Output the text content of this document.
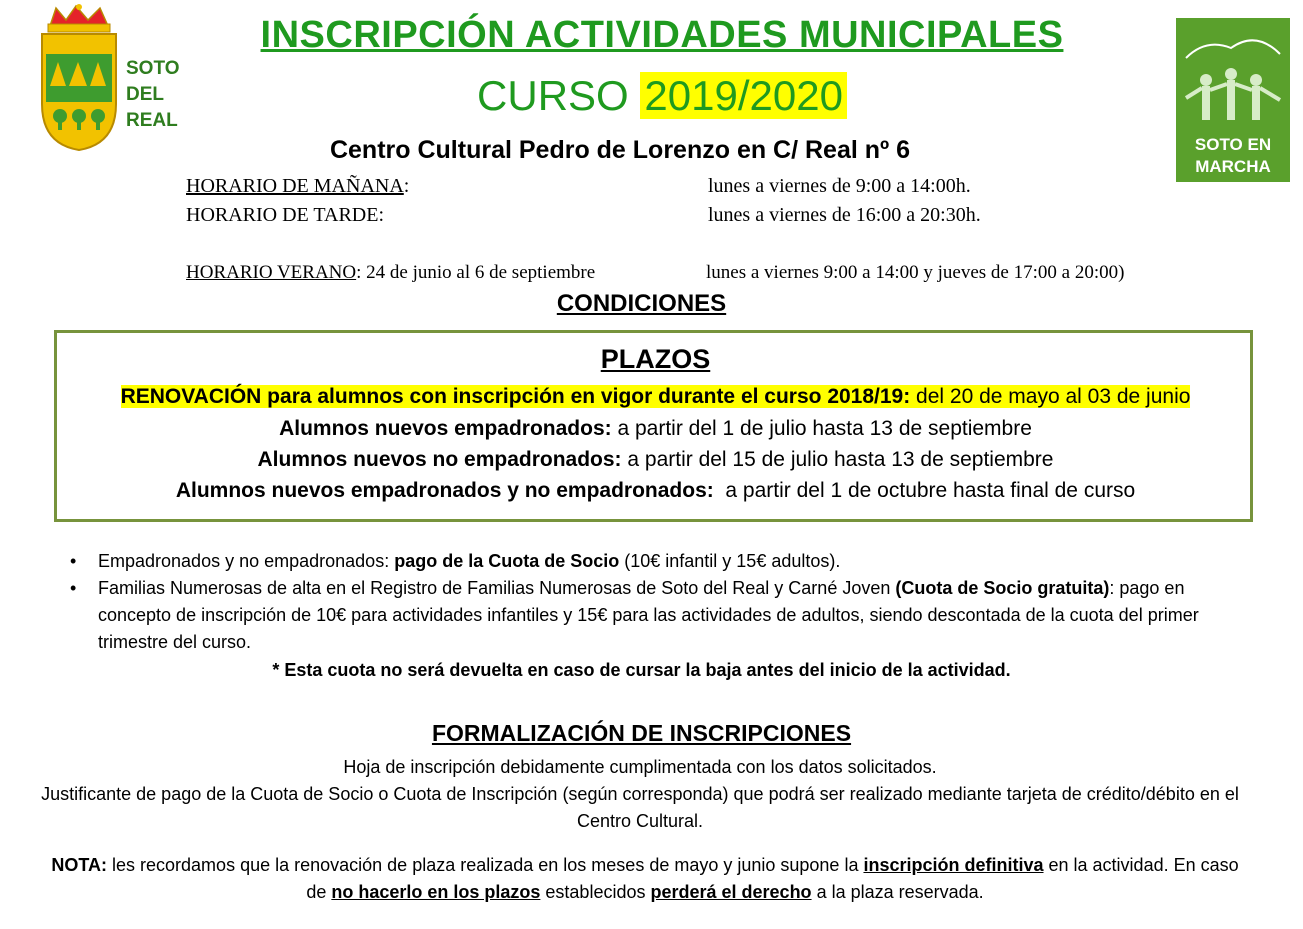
SOTO
DEL
REAL
SOTO EN
MARCHA
INSCRIPCIÓN ACTIVIDADES MUNICIPALES
CURSO 2019/2020
Centro Cultural Pedro de Lorenzo en C/ Real nº 6
HORARIO DE MAÑANA:	lunes a viernes de 9:00 a 14:00h.
HORARIO DE TARDE:	lunes a viernes de 16:00 a 20:30h.
HORARIO VERANO: 24 de junio al 6 de septiembre	lunes a viernes 9:00 a 14:00 y jueves de 17:00 a 20:00)
CONDICIONES
PLAZOS
RENOVACIÓN para alumnos con inscripción en vigor durante el curso 2018/19: del 20 de mayo al 03 de junio
Alumnos nuevos empadronados: a partir del 1 de julio hasta 13 de septiembre
Alumnos nuevos no empadronados: a partir del 15 de julio hasta 13 de septiembre
Alumnos nuevos empadronados y no empadronados:  a partir del 1 de octubre hasta final de curso
• Empadronados y no empadronados: pago de la Cuota de Socio (10€ infantil y 15€ adultos).
• Familias Numerosas de alta en el Registro de Familias Numerosas de Soto del Real y Carné Joven (Cuota de Socio gratuita): pago en concepto de inscripción de 10€ para actividades infantiles y 15€ para las actividades de adultos, siendo descontada de la cuota del primer trimestre del curso.
* Esta cuota no será devuelta en caso de cursar la baja antes del inicio de la actividad.
FORMALIZACIÓN DE INSCRIPCIONES
Hoja de inscripción debidamente cumplimentada con los datos solicitados.
Justificante de pago de la Cuota de Socio o Cuota de Inscripción (según corresponda) que podrá ser realizado mediante tarjeta de crédito/débito en el Centro Cultural.
NOTA: les recordamos que la renovación de plaza realizada en los meses de mayo y junio supone la inscripción definitiva en la actividad. En caso de no hacerlo en los plazos establecidos perderá el derecho a la plaza reservada.
